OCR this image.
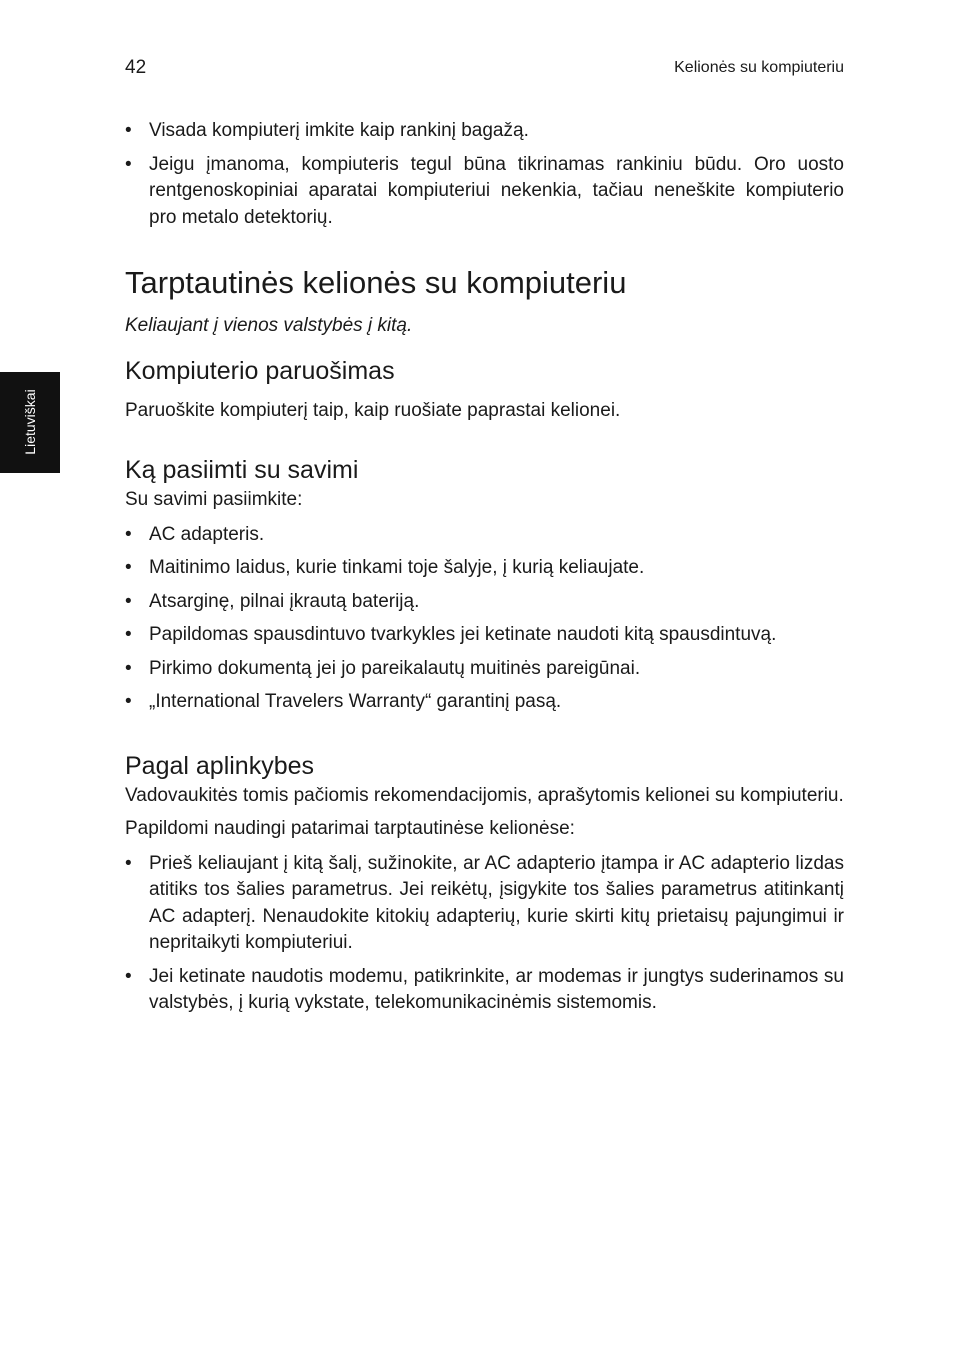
42	Kelionės su kompiuteriu
Lietuviškai
• Visada kompiuterį imkite kaip rankinį bagažą.
• Jeigu įmanoma, kompiuteris tegul būna tikrinamas rankiniu būdu. Oro uosto rentgenoskopiniai aparatai kompiuteriui nekenkia, tačiau neneškite kompiuterio pro metalo detektorių.
Tarptautinės kelionės su kompiuteriu

Keliaujant į vienos valstybės į kitą.

Kompiuterio paruošimas

Paruoškite kompiuterį taip, kaip ruošiate paprastai kelionei.

Ką pasiimti su savimi

Su savimi pasiimkite:

• AC adapteris.
• Maitinimo laidus, kurie tinkami toje šalyje, į kurią keliaujate.
• Atsarginę, pilnai įkrautą bateriją.
• Papildomas spausdintuvo tvarkykles jei ketinate naudoti kitą spausdintuvą.
• Pirkimo dokumentą jei jo pareikalautų muitinės pareigūnai.
• „International Travelers Warranty“ garantinį pasą.
Pagal aplinkybes

Vadovaukitės tomis pačiomis rekomendacijomis, aprašytomis kelionei su kompiuteriu.

Papildomi naudingi patarimai tarptautinėse kelionėse:

• Prieš keliaujant į kitą šalį, sužinokite, ar AC adapterio įtampa ir AC adapterio lizdas atitiks tos šalies parametrus. Jei reikėtų, įsigykite tos šalies parametrus atitinkantį AC adapterį. Nenaudokite kitokių adapterių, kurie skirti kitų prietaisų pajungimui ir nepritaikyti kompiuteriui.
• Jei ketinate naudotis modemu, patikrinkite, ar modemas ir jungtys suderinamos su valstybės, į kurią vykstate, telekomunikacinėmis sistemomis.
